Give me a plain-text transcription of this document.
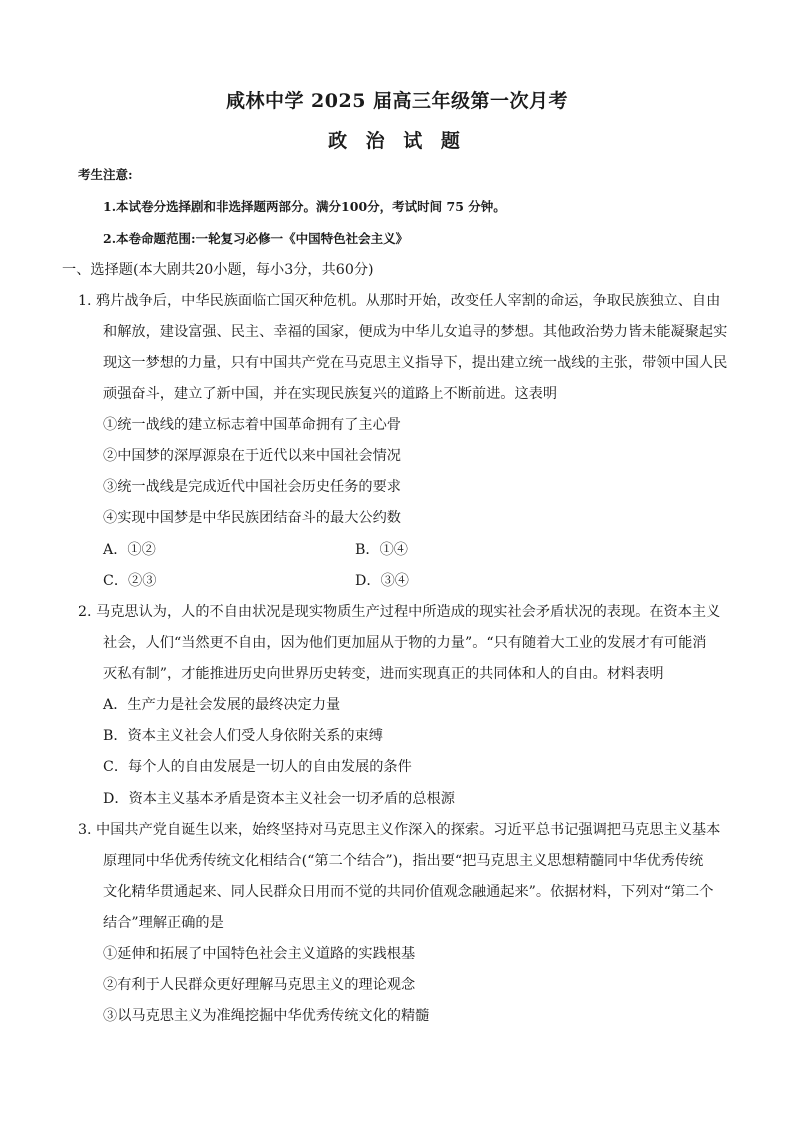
咸林中学 2025 届高三年级第一次月考
政 治 试 题
考生注意:
1.本试卷分选择剧和非选择题两部分。满分100分，考试时间 75 分钟。
2.本卷命题范围:一轮复习必修一《中国特色社会主义》
一、选择题(本大剧共20小题，每小3分，共60分)
1. 鸦片战争后，中华民族面临亡国灭种危机。从那时开始，改变任人宰割的命运，争取民族独立、自由
和解放，建设富强、民主、幸福的国家，便成为中华儿女追寻的梦想。其他政治势力皆未能凝聚起实
现这一梦想的力量，只有中国共产党在马克思主义指导下，提出建立统一战线的主张，带领中国人民
顽强奋斗，建立了新中国，并在实现民族复兴的道路上不断前进。这表明
①统一战线的建立标志着中国革命拥有了主心骨
②中国梦的深厚源泉在于近代以来中国社会情况
③统一战线是完成近代中国社会历史任务的要求
④实现中国梦是中华民族团结奋斗的最大公约数
A．①②	B．①④
C．②③	D．③④
2. 马克思认为，人的不自由状况是现实物质生产过程中所造成的现实社会矛盾状况的表现。在资本主义
社会，人们“当然更不自由，因为他们更加屈从于物的力量”。“只有随着大工业的发展才有可能消
灭私有制”，才能推进历史向世界历史转变，进而实现真正的共同体和人的自由。材料表明
A．生产力是社会发展的最终决定力量
B．资本主义社会人们受人身依附关系的束缚
C．每个人的自由发展是一切人的自由发展的条件
D．资本主义基本矛盾是资本主义社会一切矛盾的总根源
3. 中国共产党自诞生以来，始终坚持对马克思主义作深入的探索。习近平总书记强调把马克思主义基本
原理同中华优秀传统文化相结合(“第二个结合”)，指出要“把马克思主义思想精髓同中华优秀传统
文化精华贯通起来、同人民群众日用而不觉的共同价值观念融通起来”。依据材料，下列对“第二个
结合”理解正确的是
①延伸和拓展了中国特色社会主义道路的实践根基
②有利于人民群众更好理解马克思主义的理论观念
③以马克思主义为准绳挖掘中华优秀传统文化的精髓
